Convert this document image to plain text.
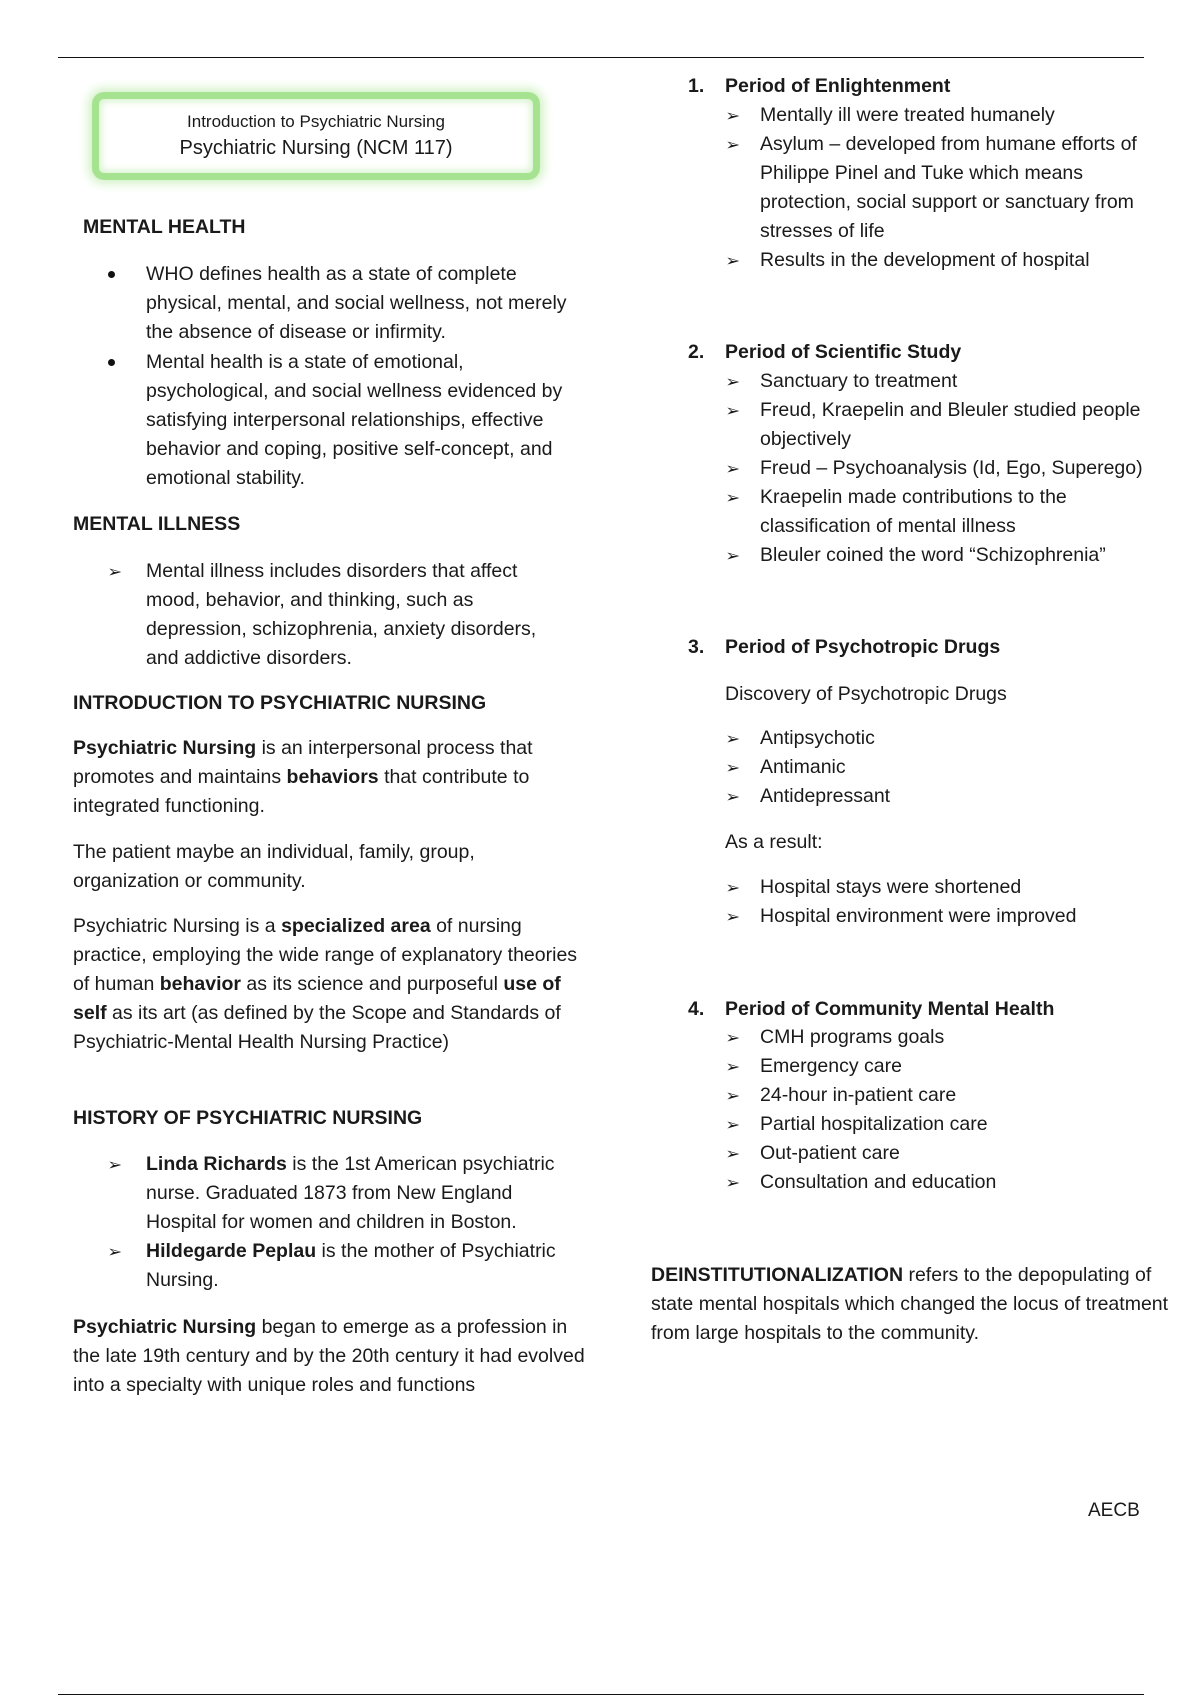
Introduction to Psychiatric Nursing
Psychiatric Nursing (NCM 117)
MENTAL HEALTH
WHO defines health as a state of complete physical, mental, and social wellness, not merely the absence of disease or infirmity.
Mental health is a state of emotional, psychological, and social wellness evidenced by satisfying interpersonal relationships, effective behavior and coping, positive self-concept, and emotional stability.
MENTAL ILLNESS
➢	Mental illness includes disorders that affect mood, behavior, and thinking, such as depression, schizophrenia, anxiety disorders, and addictive disorders.
INTRODUCTION TO PSYCHIATRIC NURSING

Psychiatric Nursing is an interpersonal process that promotes and maintains behaviors that contribute to integrated functioning.

The patient maybe an individual, family, group, organization or community.

Psychiatric Nursing is a specialized area of nursing practice, employing the wide range of explanatory theories of human behavior as its science and purposeful use of self as its art (as defined by the Scope and Standards of Psychiatric-Mental Health Nursing Practice)

HISTORY OF PSYCHIATRIC NURSING
➢	Linda Richards is the 1st American psychiatric nurse. Graduated 1873 from New England Hospital for women and children in Boston.
➢	Hildegarde Peplau is the mother of Psychiatric Nursing.

Psychiatric Nursing began to emerge as a profession in the late 19th century and by the 20th century it had evolved into a specialty with unique roles and functions

1. Period of Enlightenment
➢	Mentally ill were treated humanely
➢	Asylum – developed from humane efforts of Philippe Pinel and Tuke which means protection, social support or sanctuary from stresses of life
➢	Results in the development of hospital
2. Period of Scientific Study
➢	Sanctuary to treatment
➢	Freud, Kraepelin and Bleuler studied people objectively
➢	Freud – Psychoanalysis (Id, Ego, Superego)
➢	Kraepelin made contributions to the classification of mental illness
➢	Bleuler coined the word “Schizophrenia”
3. Period of Psychotropic Drugs
Discovery of Psychotropic Drugs
➢	Antipsychotic
➢	Antimanic
➢	Antidepressant
As a result:
➢	Hospital stays were shortened
➢	Hospital environment were improved
4. Period of Community Mental Health
➢	CMH programs goals
➢	Emergency care
➢	24-hour in-patient care
➢	Partial hospitalization care
➢	Out-patient care
➢	Consultation and education

DEINSTITUTIONALIZATION refers to the depopulating of state mental hospitals which changed the locus of treatment from large hospitals to the community.

AECB
